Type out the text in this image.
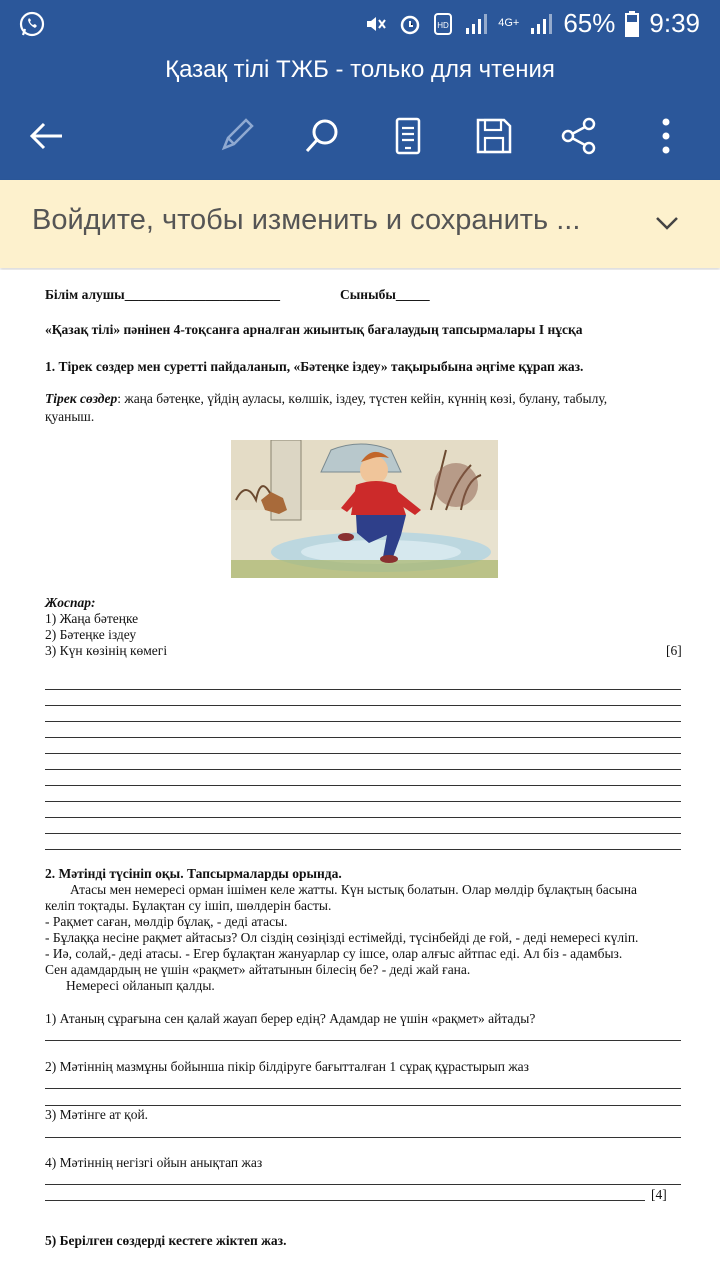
HD	4G+ 65% 9:39
Қазақ тілі ТЖБ - только для чтения
Войдите, чтобы изменить и сохранить ...
Білім алушы_______________________	Сыныбы_____
«Қазақ тілі» пәнінен 4-тоқсанға арналған жиынтық бағалаудың тапсырмалары І нұсқа
1. Тірек сөздер мен суретті пайдаланып, «Бәтеңке іздеу» тақырыбына әңгіме құрап жаз.
Тірек сөздер: жаңа бәтеңке, үйдің ауласы, көлшік, іздеу, түстен кейін, күннің көзі, булану, табылу,
қуаныш.
Жоспар:
1) Жаңа бәтеңке
2) Бәтеңке іздеу
3) Күн көзінің көмегі	[6]
2. Мәтінді түсініп оқы. Тапсырмаларды орында.
Атасы мен немересі орман ішімен келе жатты. Күн ыстық болатын. Олар мөлдір бұлақтың басына
келіп тоқтады. Бұлақтан су ішіп, шөлдерін басты.
- Рақмет саған, мөлдір бұлақ, - деді атасы.
- Бұлаққа несіне рақмет айтасыз? Ол сіздің сөзіңізді естімейді, түсінбейді де ғой, - деді немересі күліп.
- Иә, солай,- деді атасы. - Егер бұлақтан жануарлар су ішсе, олар алғыс айтпас еді. Ал біз - адамбыз.
Сен адамдардың не үшін «рақмет» айтатынын білесің бе? - деді жай ғана.
Немересі ойланып қалды.
1) Атаның сұрағына сен қалай жауап берер едің? Адамдар не үшін «рақмет» айтады?
2) Мәтіннің мазмұны бойынша пікір білдіруге бағытталған 1 сұрақ құрастырып жаз
3) Мәтінге ат қой.
4) Мәтіннің негізгі ойын анықтап жаз
[4]
5) Берілген сөздерді кестеге жіктеп жаз.
